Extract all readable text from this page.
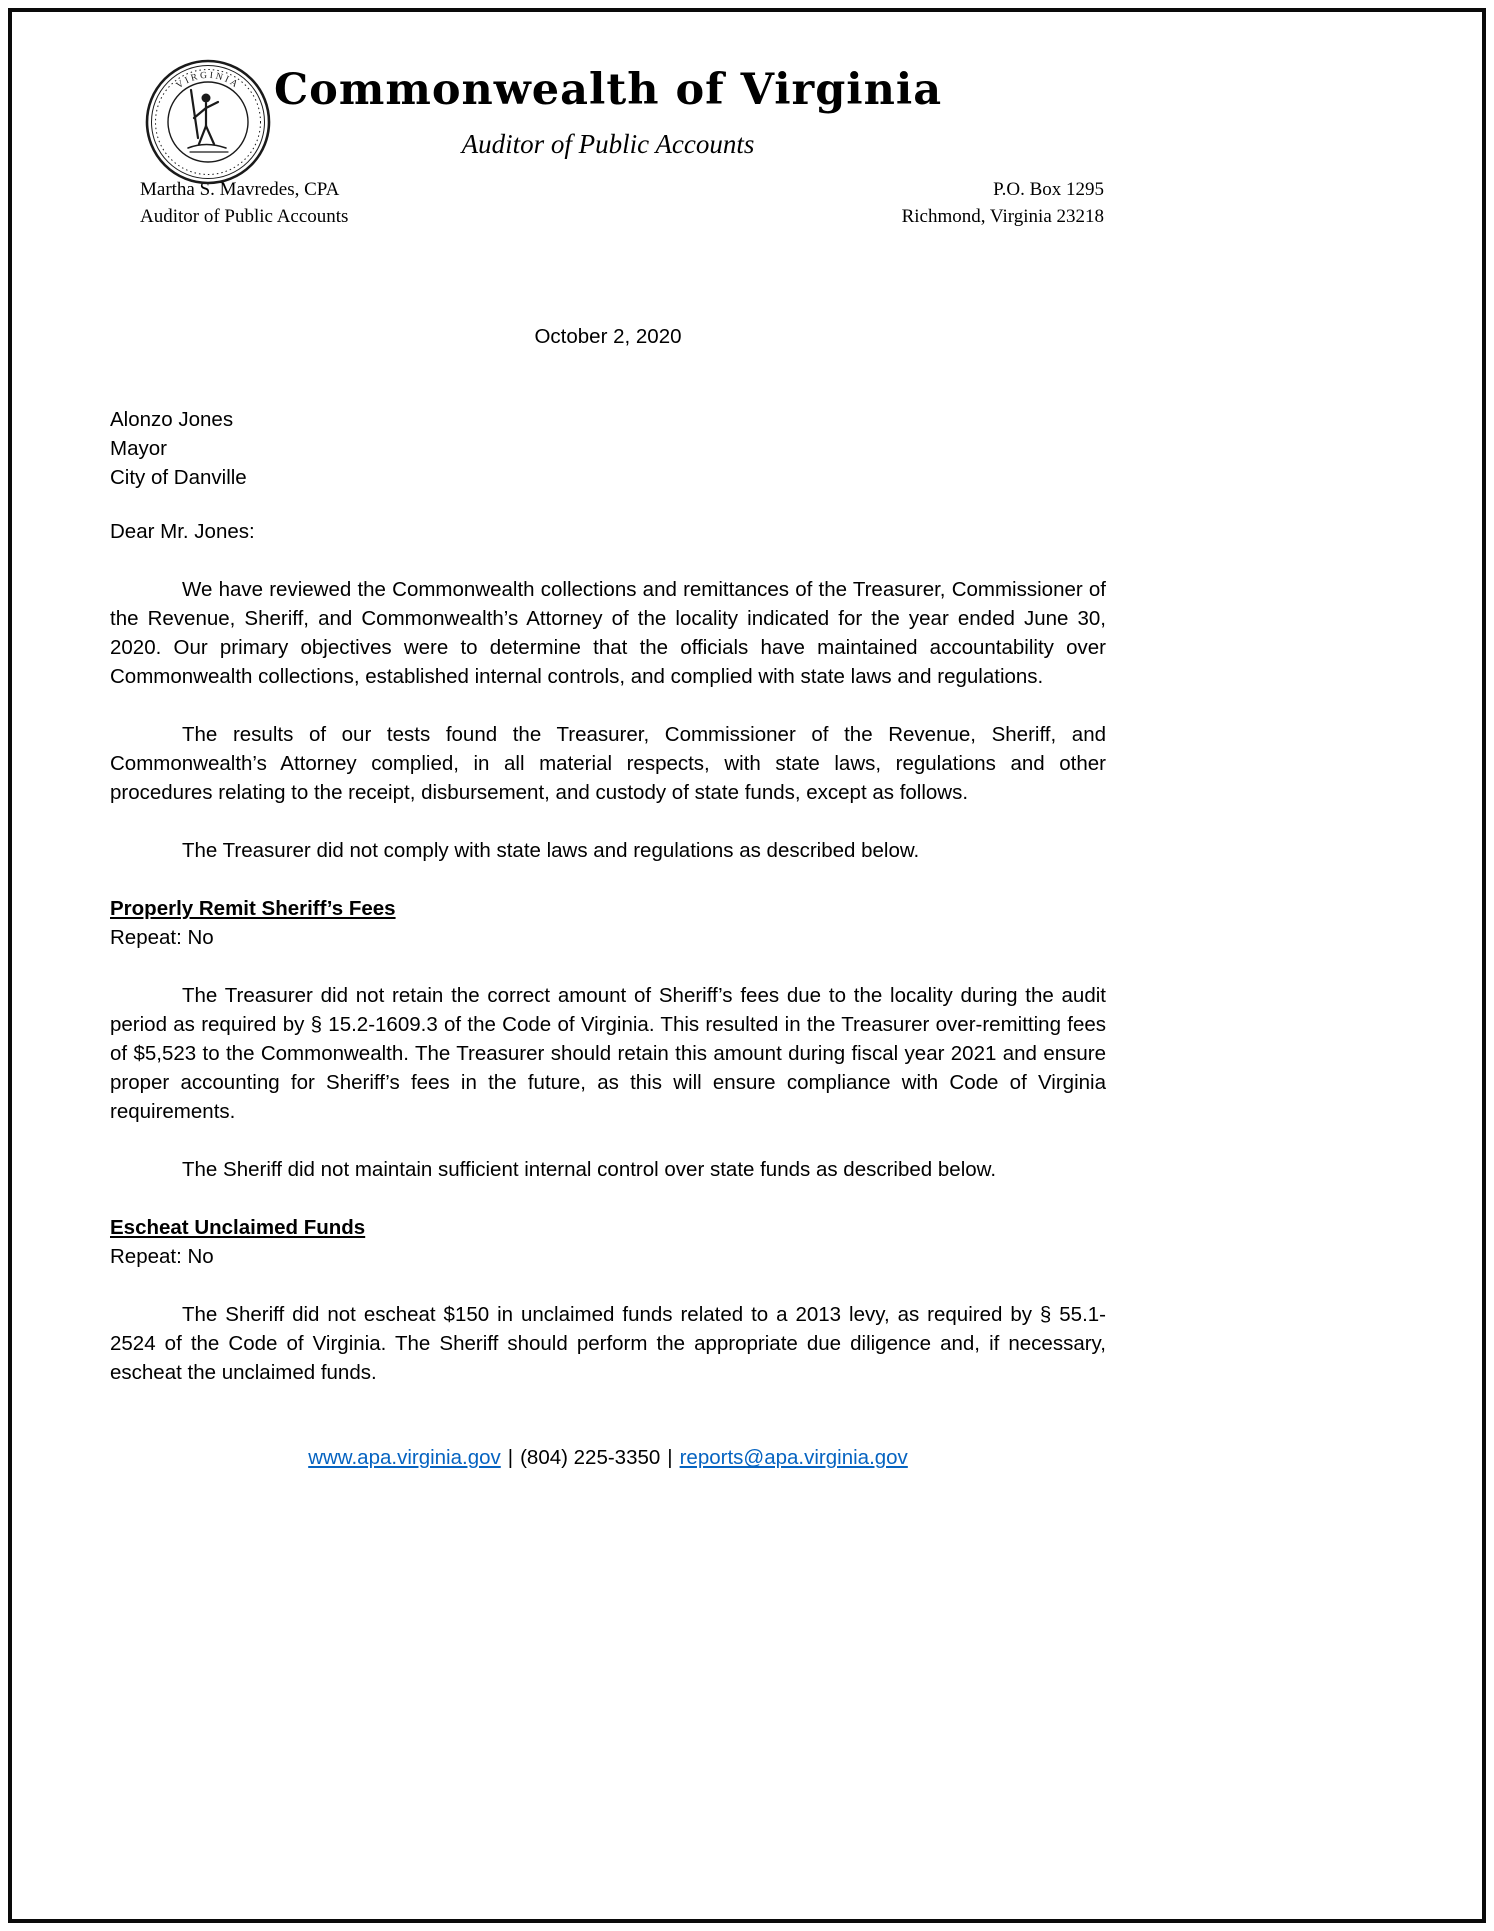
VIRGINIA Commonwealth of Virginia
Auditor of Public Accounts
Martha S. Mavredes, CPA
Auditor of Public Accounts
P.O. Box 1295
Richmond, Virginia 23218
October 2, 2020
Alonzo Jones
Mayor
City of Danville

Dear Mr. Jones:

We have reviewed the Commonwealth collections and remittances of the Treasurer, Commissioner of the Revenue, Sheriff, and Commonwealth’s Attorney of the locality indicated for the year ended June 30, 2020. Our primary objectives were to determine that the officials have maintained accountability over Commonwealth collections, established internal controls, and complied with state laws and regulations.

The results of our tests found the Treasurer, Commissioner of the Revenue, Sheriff, and Commonwealth’s Attorney complied, in all material respects, with state laws, regulations and other procedures relating to the receipt, disbursement, and custody of state funds, except as follows.

The Treasurer did not comply with state laws and regulations as described below.

Properly Remit Sheriff’s Fees

Repeat: No

The Treasurer did not retain the correct amount of Sheriff’s fees due to the locality during the audit period as required by § 15.2-1609.3 of the Code of Virginia. This resulted in the Treasurer over-remitting fees of $5,523 to the Commonwealth. The Treasurer should retain this amount during fiscal year 2021 and ensure proper accounting for Sheriff’s fees in the future, as this will ensure compliance with Code of Virginia requirements.

The Sheriff did not maintain sufficient internal control over state funds as described below.

Escheat Unclaimed Funds

Repeat: No

The Sheriff did not escheat $150 in unclaimed funds related to a 2013 levy, as required by § 55.1-2524 of the Code of Virginia. The Sheriff should perform the appropriate due diligence and, if necessary, escheat the unclaimed funds.

www.apa.virginia.gov | (804) 225-3350 | reports@apa.virginia.gov
